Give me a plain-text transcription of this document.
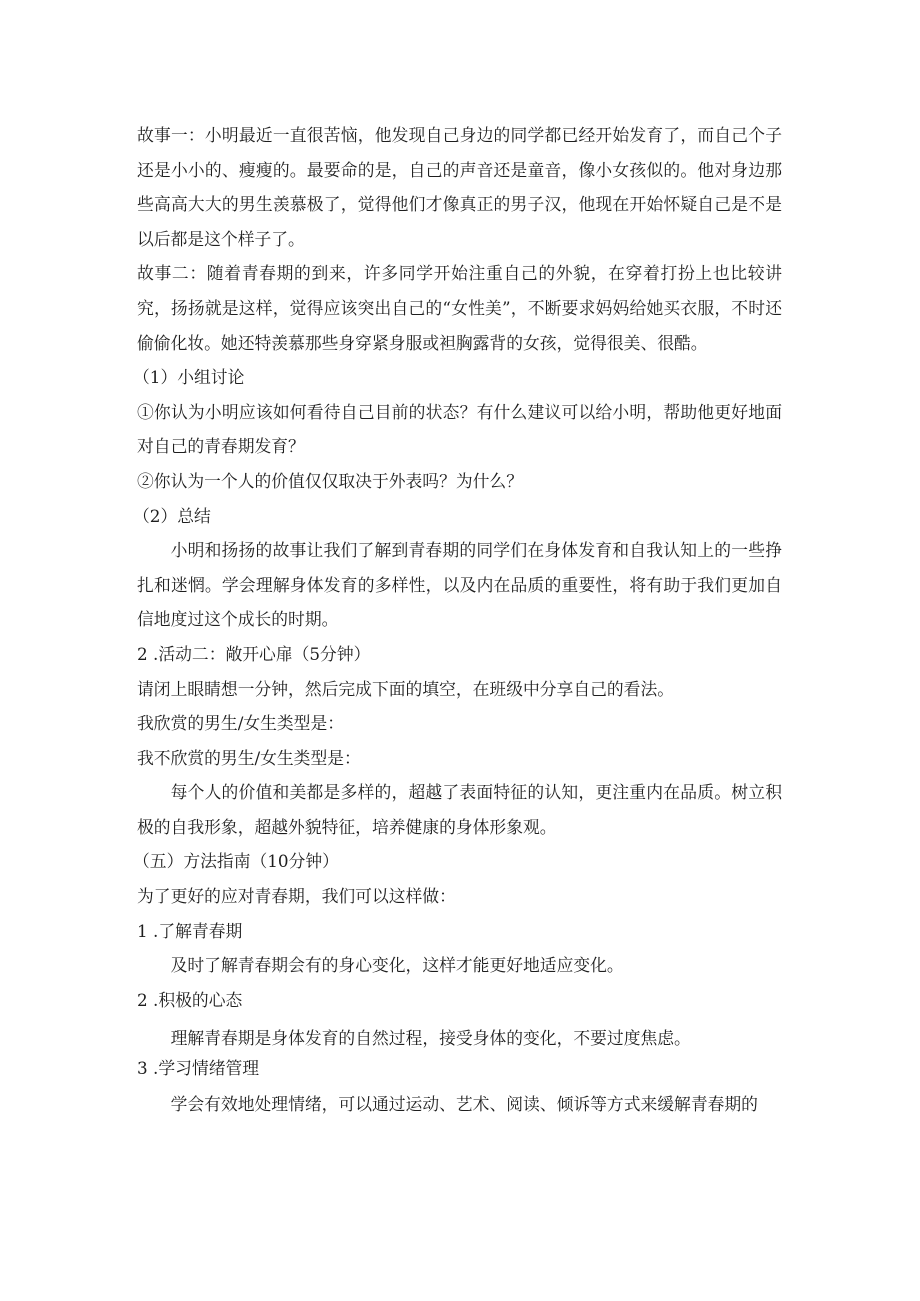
故事一：小明最近一直很苦恼，他发现自己身边的同学都已经开始发育了，而自己个子还是小小的、瘦瘦的。最要命的是，自己的声音还是童音，像小女孩似的。他对身边那些高高大大的男生羡慕极了，觉得他们才像真正的男子汉，他现在开始怀疑自己是不是以后都是这个样子了。

故事二：随着青春期的到来，许多同学开始注重自己的外貌，在穿着打扮上也比较讲究，扬扬就是这样，觉得应该突出自己的“女性美”，不断要求妈妈给她买衣服，不时还偷偷化妆。她还特羡慕那些身穿紧身服或袒胸露背的女孩，觉得很美、很酷。

（1）小组讨论

①你认为小明应该如何看待自己目前的状态？有什么建议可以给小明，帮助他更好地面对自己的青春期发育？

②你认为一个人的价值仅仅取决于外表吗？为什么？

（2）总结

小明和扬扬的故事让我们了解到青春期的同学们在身体发育和自我认知上的一些挣扎和迷惘。学会理解身体发育的多样性，以及内在品质的重要性，将有助于我们更加自信地度过这个成长的时期。

2 .活动二：敞开心扉（5分钟）

请闭上眼睛想一分钟，然后完成下面的填空，在班级中分享自己的看法。

我欣赏的男生/女生类型是：

我不欣赏的男生/女生类型是：

每个人的价值和美都是多样的，超越了表面特征的认知，更注重内在品质。树立积极的自我形象，超越外貌特征，培养健康的身体形象观。

（五）方法指南（10分钟）

为了更好的应对青春期，我们可以这样做：

1 .了解青春期

及时了解青春期会有的身心变化，这样才能更好地适应变化。

2 .积极的心态

理解青春期是身体发育的自然过程，接受身体的变化，不要过度焦虑。

3 .学习情绪管理

学会有效地处理情绪，可以通过运动、艺术、阅读、倾诉等方式来缓解青春期的
